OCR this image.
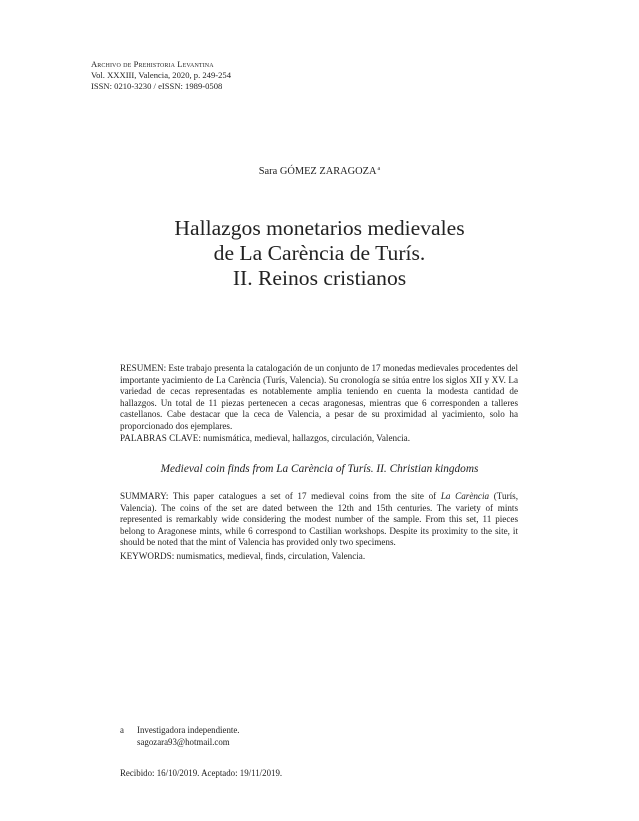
Archivo de Prehistoria Levantina
Vol. XXXIII, Valencia, 2020, p. 249-254
ISSN: 0210-3230 / eISSN: 1989-0508
Sara GÓMEZ ZARAGOZA$^a$
Hallazgos monetarios medievales
de La Carència de Turís.
II. Reinos cristianos

RESUMEN: Este trabajo presenta la catalogación de un conjunto de 17 monedas medievales procedentes del importante yacimiento de La Carència (Turís, Valencia). Su cronología se sitúa entre los siglos XII y XV. La variedad de cecas representadas es notablemente amplia teniendo en cuenta la modesta cantidad de hallazgos. Un total de 11 piezas pertenecen a cecas aragonesas, mientras que 6 corresponden a talleres castellanos. Cabe destacar que la ceca de Valencia, a pesar de su proximidad al yacimiento, solo ha proporcionado dos ejemplares.

PALABRAS CLAVE: numismática, medieval, hallazgos, circulación, Valencia.
Medieval coin finds from La Carència of Turís. II. Christian kingdoms

SUMMARY: This paper catalogues a set of 17 medieval coins from the site of La Carència (Turís, Valencia). The coins of the set are dated between the 12th and 15th centuries. The variety of mints represented is remarkably wide considering the modest number of the sample. From this set, 11 pieces belong to Aragonese mints, while 6 correspond to Castilian workshops. Despite its proximity to the site, it should be noted that the mint of Valencia has provided only two specimens.

KEYWORDS: numismatics, medieval, finds, circulation, Valencia.
a Investigadora independiente.
sagozara93@hotmail.com
Recibido: 16/10/2019. Aceptado: 19/11/2019.
